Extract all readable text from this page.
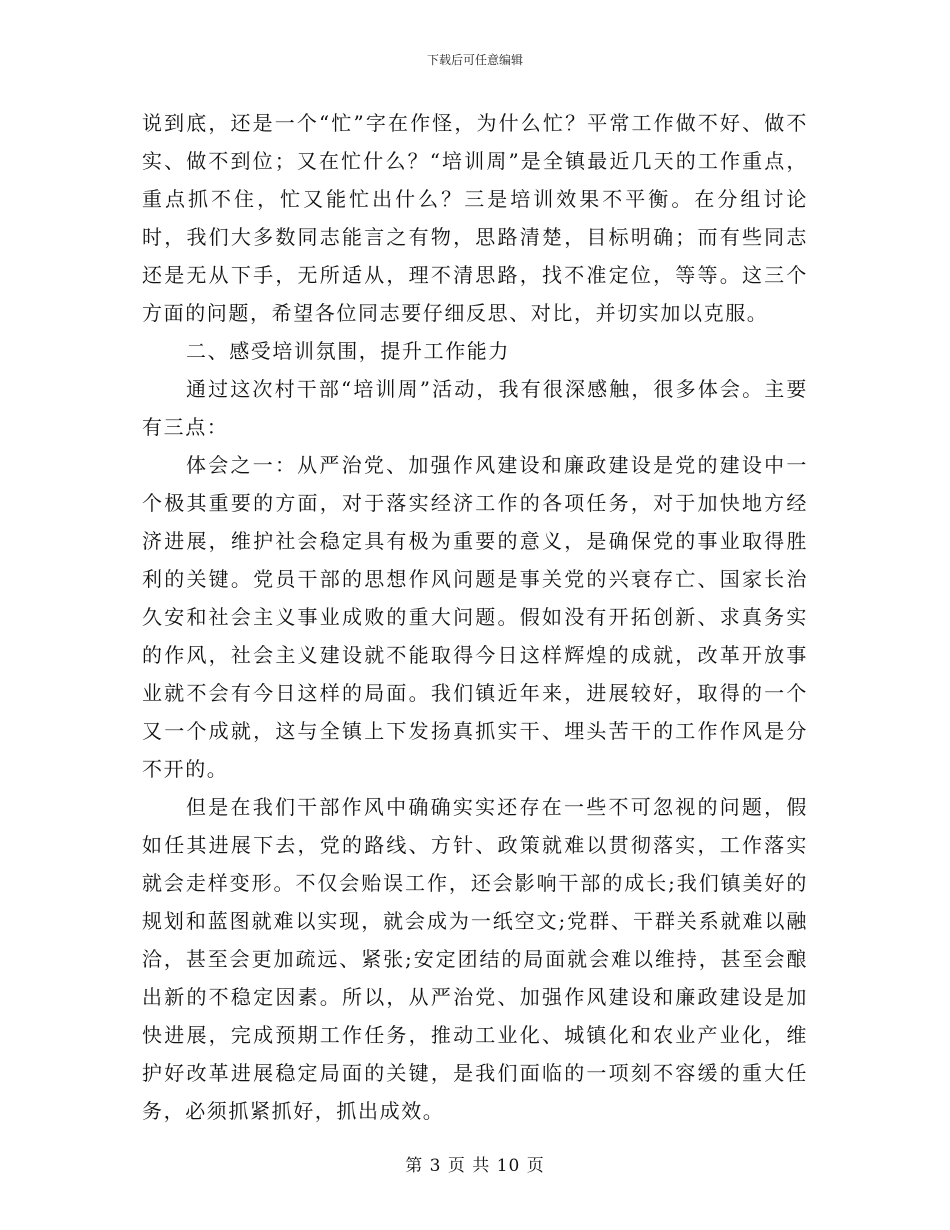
下载后可任意编辑

说到底，还是一个“忙”字在作怪，为什么忙？平常工作做不好、做不实、做不到位；又在忙什么？“培训周”是全镇最近几天的工作重点，重点抓不住，忙又能忙出什么？三是培训效果不平衡。在分组讨论时，我们大多数同志能言之有物，思路清楚，目标明确；而有些同志还是无从下手，无所适从，理不清思路，找不准定位，等等。这三个方面的问题，希望各位同志要仔细反思、对比，并切实加以克服。

二、感受培训氛围，提升工作能力

通过这次村干部“培训周”活动，我有很深感触，很多体会。主要有三点：

体会之一：从严治党、加强作风建设和廉政建设是党的建设中一个极其重要的方面，对于落实经济工作的各项任务，对于加快地方经济进展，维护社会稳定具有极为重要的意义，是确保党的事业取得胜利的关键。党员干部的思想作风问题是事关党的兴衰存亡、国家长治久安和社会主义事业成败的重大问题。假如没有开拓创新、求真务实的作风，社会主义建设就不能取得今日这样辉煌的成就，改革开放事业就不会有今日这样的局面。我们镇近年来，进展较好，取得的一个又一个成就，这与全镇上下发扬真抓实干、埋头苦干的工作作风是分不开的。

但是在我们干部作风中确确实实还存在一些不可忽视的问题，假如任其进展下去，党的路线、方针、政策就难以贯彻落实，工作落实就会走样变形。不仅会贻误工作，还会影响干部的成长;我们镇美好的规划和蓝图就难以实现，就会成为一纸空文;党群、干群关系就难以融洽，甚至会更加疏远、紧张;安定团结的局面就会难以维持，甚至会酿出新的不稳定因素。所以，从严治党、加强作风建设和廉政建设是加快进展，完成预期工作任务，推动工业化、城镇化和农业产业化，维护好改革进展稳定局面的关键，是我们面临的一项刻不容缓的重大任务，必须抓紧抓好，抓出成效。

第 3 页 共 10 页
